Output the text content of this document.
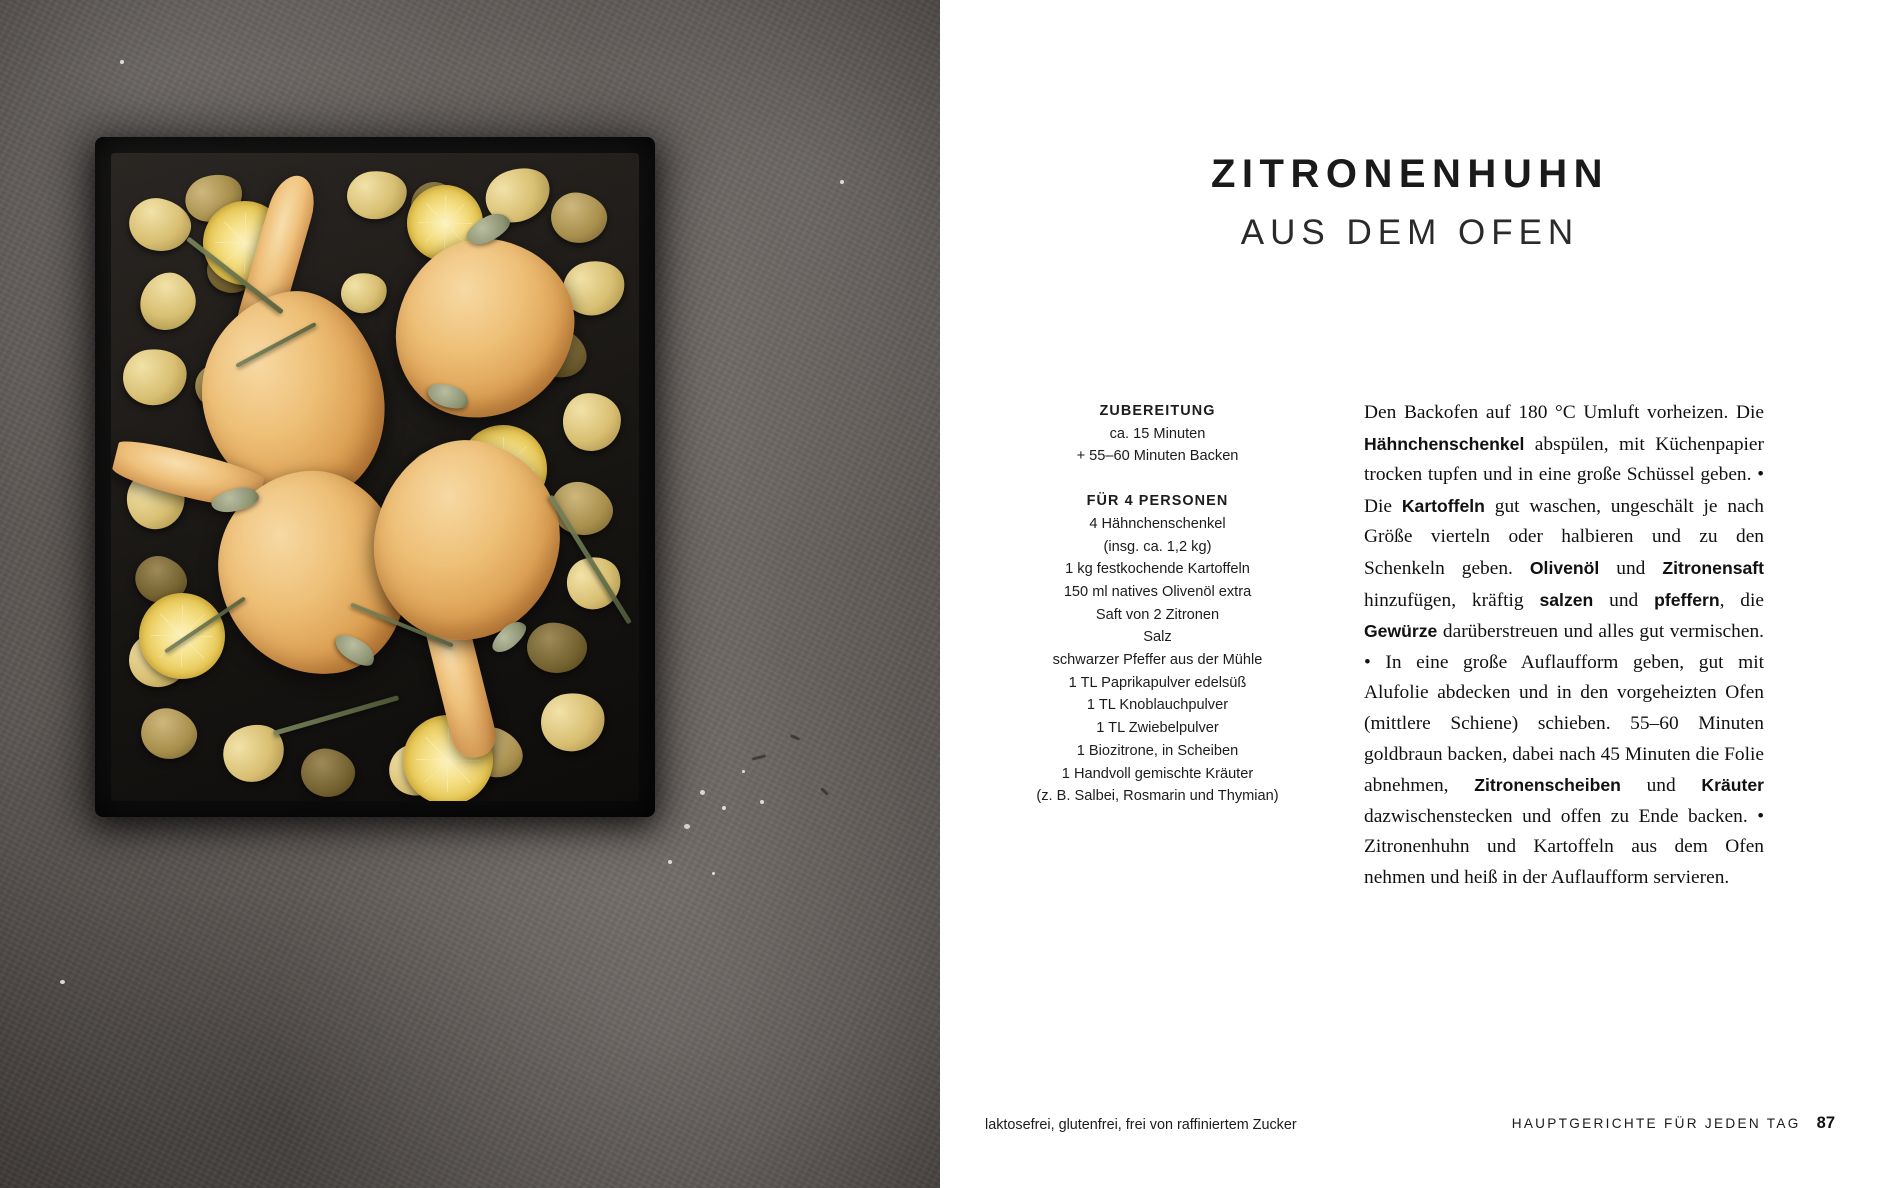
ZITRONENHUHN
AUS DEM OFEN
ZUBEREITUNG
ca. 15 Minuten
+ 55–60 Minuten Backen
FÜR 4 PERSONEN
4 Hähnchenschenkel
(insg. ca. 1,2 kg)
1 kg festkochende Kartoffeln
150 ml natives Olivenöl extra
Saft von 2 Zitronen
Salz
schwarzer Pfeffer aus der Mühle
1 TL Paprikapulver edelsüß
1 TL Knoblauchpulver
1 TL Zwiebelpulver
1 Biozitrone, in Scheiben
1 Handvoll gemischte Kräuter
(z. B. Salbei, Rosmarin und Thymian)
Den Backofen auf 180 °C Umluft vorheizen. Die Hähnchenschenkel abspülen, mit Küchenpapier trocken tupfen und in eine große Schüssel geben. • Die Kartoffeln gut waschen, ungeschält je nach Größe vierteln oder halbieren und zu den Schenkeln geben. Olivenöl und Zitronensaft hinzufügen, kräftig salzen und pfeffern, die Gewürze darüberstreuen und alles gut vermischen. • In eine große Auflaufform geben, gut mit Alufolie abdecken und in den vorgeheizten Ofen (mittlere Schiene) schieben. 55–60 Minuten goldbraun backen, dabei nach 45 Minuten die Folie abnehmen, Zitronenscheiben und Kräuter dazwischenstecken und offen zu Ende backen. • Zitronenhuhn und Kartoffeln aus dem Ofen nehmen und heiß in der Auflaufform servieren.
laktosefrei, glutenfrei, frei von raffiniertem Zucker	HAUPTGERICHTE FÜR JEDEN TAG 87
